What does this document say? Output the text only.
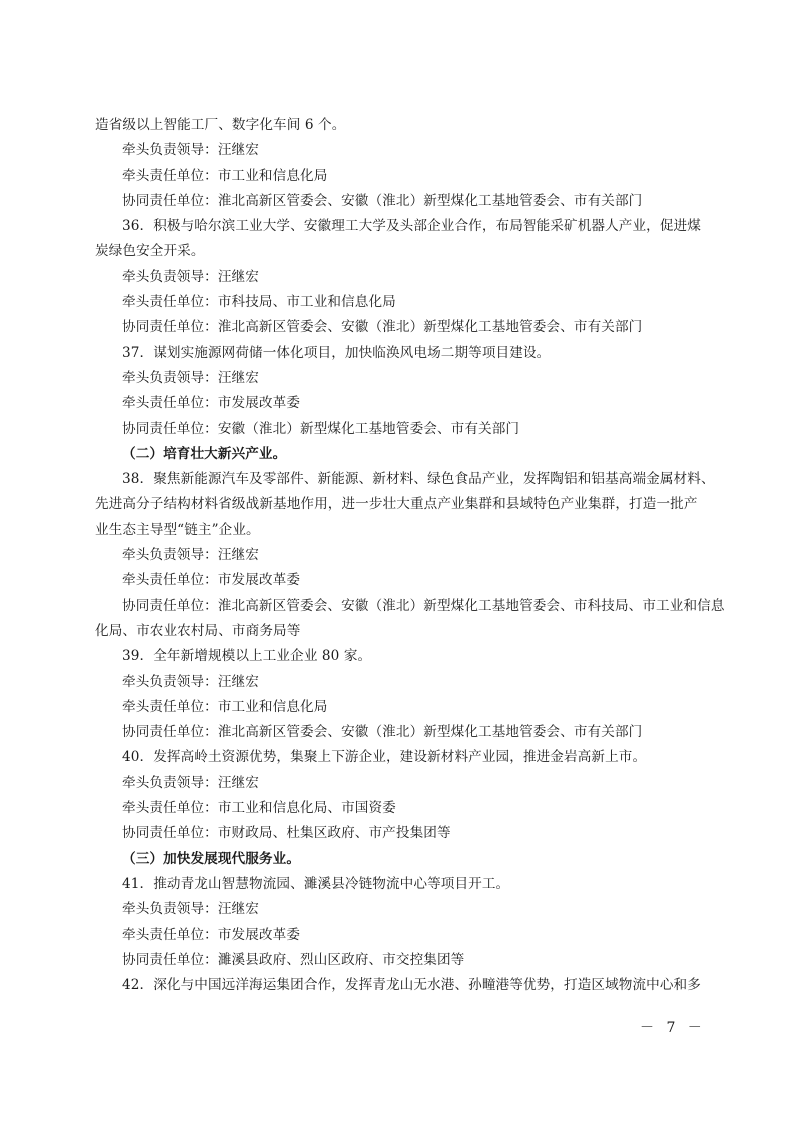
造省级以上智能工厂、数字化车间 6 个。
牵头负责领导：汪继宏
牵头责任单位：市工业和信息化局
协同责任单位：淮北高新区管委会、安徽（淮北）新型煤化工基地管委会、市有关部门
36．积极与哈尔滨工业大学、安徽理工大学及头部企业合作，布局智能采矿机器人产业，促进煤
炭绿色安全开采。
牵头负责领导：汪继宏
牵头责任单位：市科技局、市工业和信息化局
协同责任单位：淮北高新区管委会、安徽（淮北）新型煤化工基地管委会、市有关部门
37．谋划实施源网荷储一体化项目，加快临涣风电场二期等项目建设。
牵头负责领导：汪继宏
牵头责任单位：市发展改革委
协同责任单位：安徽（淮北）新型煤化工基地管委会、市有关部门
（二）培育壮大新兴产业。
38．聚焦新能源汽车及零部件、新能源、新材料、绿色食品产业，发挥陶铝和铝基高端金属材料、
先进高分子结构材料省级战新基地作用，进一步壮大重点产业集群和县域特色产业集群，打造一批产
业生态主导型“链主”企业。
牵头负责领导：汪继宏
牵头责任单位：市发展改革委
协同责任单位：淮北高新区管委会、安徽（淮北）新型煤化工基地管委会、市科技局、市工业和信息
化局、市农业农村局、市商务局等
39．全年新增规模以上工业企业 80 家。
牵头负责领导：汪继宏
牵头责任单位：市工业和信息化局
协同责任单位：淮北高新区管委会、安徽（淮北）新型煤化工基地管委会、市有关部门
40．发挥高岭土资源优势，集聚上下游企业，建设新材料产业园，推进金岩高新上市。
牵头负责领导：汪继宏
牵头责任单位：市工业和信息化局、市国资委
协同责任单位：市财政局、杜集区政府、市产投集团等
（三）加快发展现代服务业。
41．推动青龙山智慧物流园、濉溪县冷链物流中心等项目开工。
牵头负责领导：汪继宏
牵头责任单位：市发展改革委
协同责任单位：濉溪县政府、烈山区政府、市交控集团等
42．深化与中国远洋海运集团合作，发挥青龙山无水港、孙疃港等优势，打造区域物流中心和多
－ 7 －
